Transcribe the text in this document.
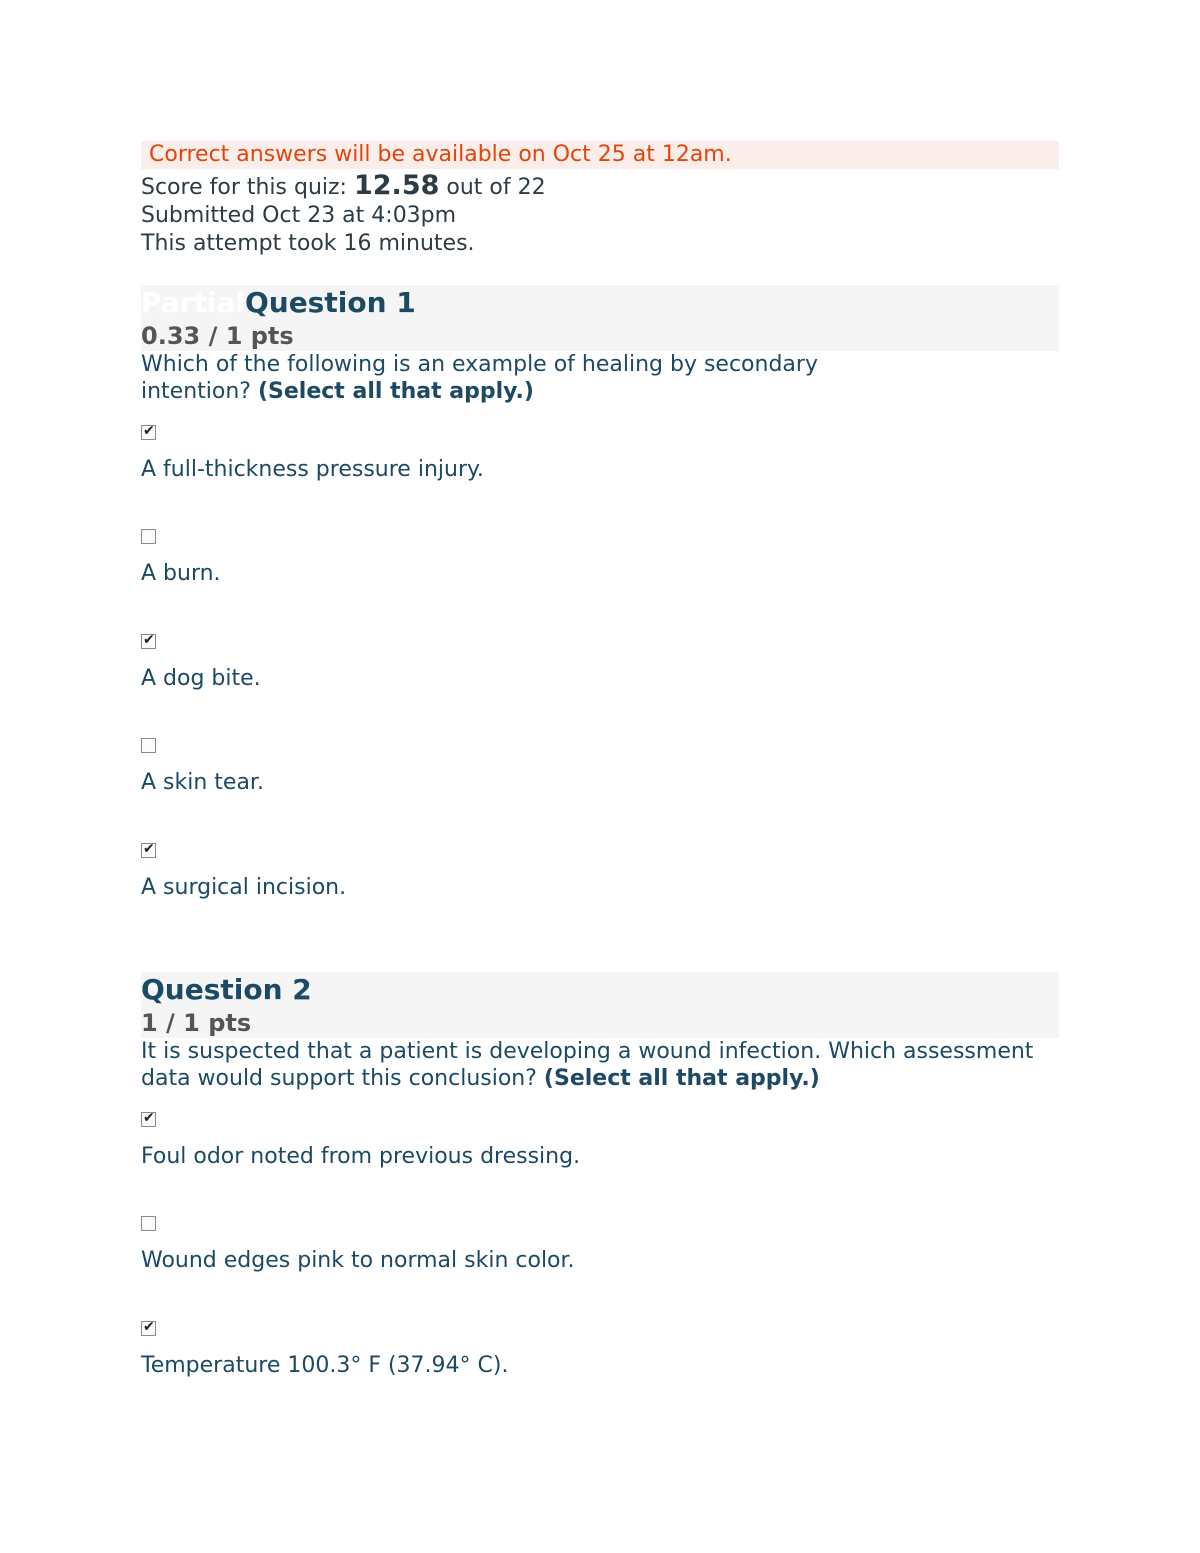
Correct answers will be available on Oct 25 at 12am.
Score for this quiz: 12.58 out of 22
Submitted Oct 23 at 4:03pm
This attempt took 16 minutes.
PartialQuestion 1
0.33 / 1 pts
Which of the following is an example of healing by secondary intention? (Select all that apply.)
✔
A full-thickness pressure injury.
A burn.
✔
A dog bite.
A skin tear.
✔
A surgical incision.
Question 2
1 / 1 pts
It is suspected that a patient is developing a wound infection. Which assessment data would support this conclusion? (Select all that apply.)
✔
Foul odor noted from previous dressing.
Wound edges pink to normal skin color.
✔
Temperature 100.3° F (37.94° C).
